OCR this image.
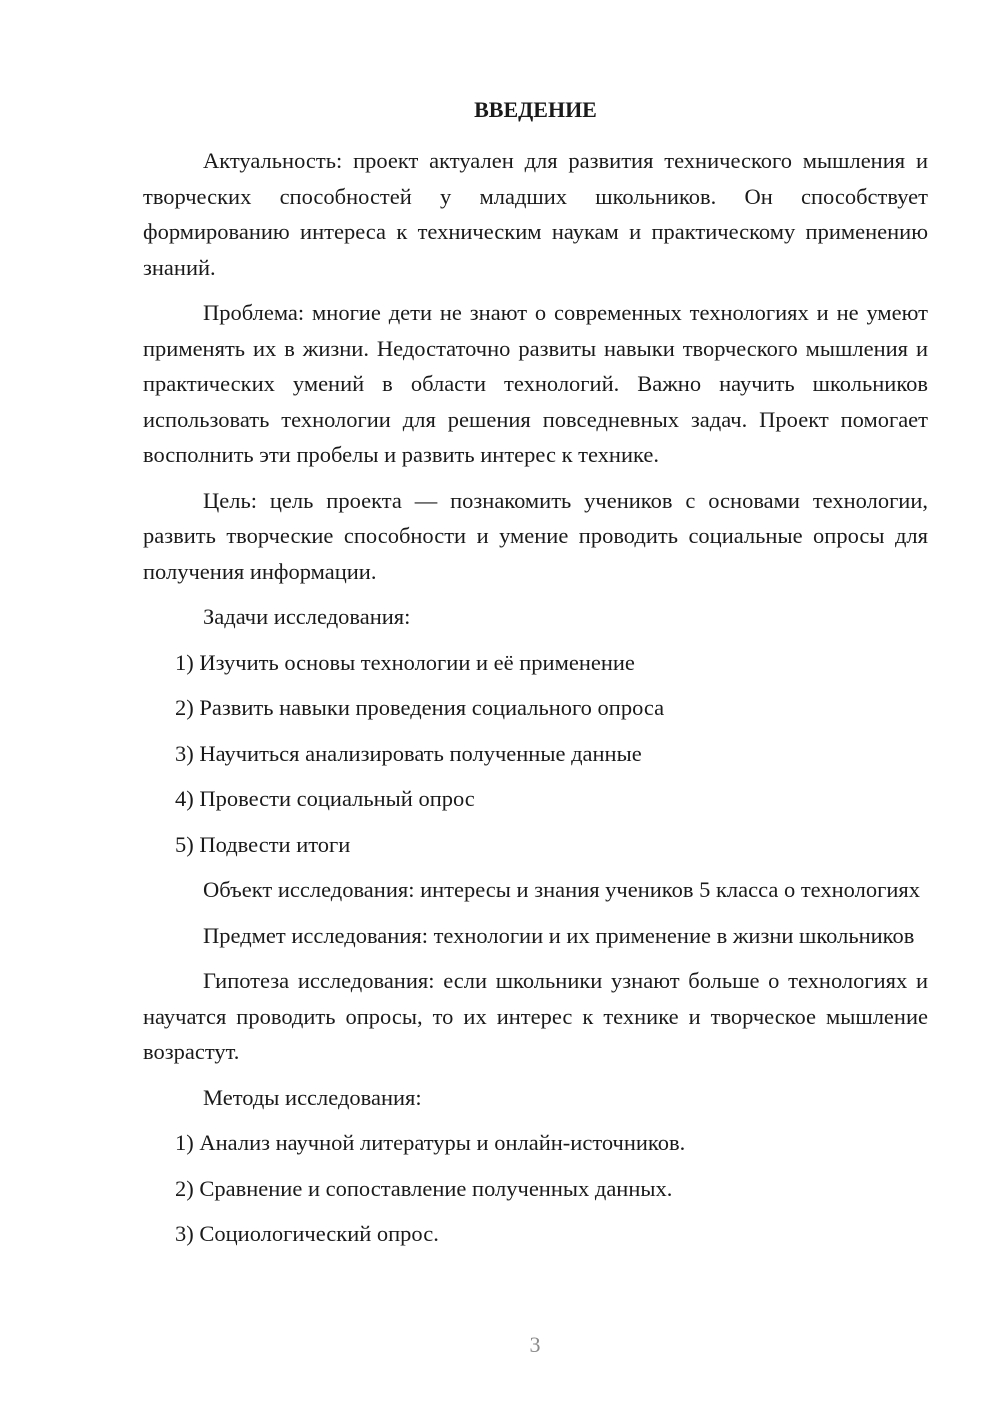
ВВЕДЕНИЕ

Актуальность: проект актуален для развития технического мышления и творческих способностей у младших школьников. Он способствует формированию интереса к техническим наукам и практическому применению знаний.

Проблема: многие дети не знают о современных технологиях и не умеют применять их в жизни. Недостаточно развиты навыки творческого мышления и практических умений в области технологий. Важно научить школьников использовать технологии для решения повседневных задач. Проект помогает восполнить эти пробелы и развить интерес к технике.

Цель: цель проекта — познакомить учеников с основами технологии, развить творческие способности и умение проводить социальные опросы для получения информации.

Задачи исследования:

1) Изучить основы технологии и её применение
2) Развить навыки проведения социального опроса
3) Научиться анализировать полученные данные
4) Провести социальный опрос
5) Подвести итоги

Объект исследования: интересы и знания учеников 5 класса о технологиях

Предмет исследования: технологии и их применение в жизни школьников

Гипотеза исследования: если школьники узнают больше о технологиях и научатся проводить опросы, то их интерес к технике и творческое мышление возрастут.

Методы исследования:

1) Анализ научной литературы и онлайн-источников.
2) Сравнение и сопоставление полученных данных.
3) Социологический опрос.
3
